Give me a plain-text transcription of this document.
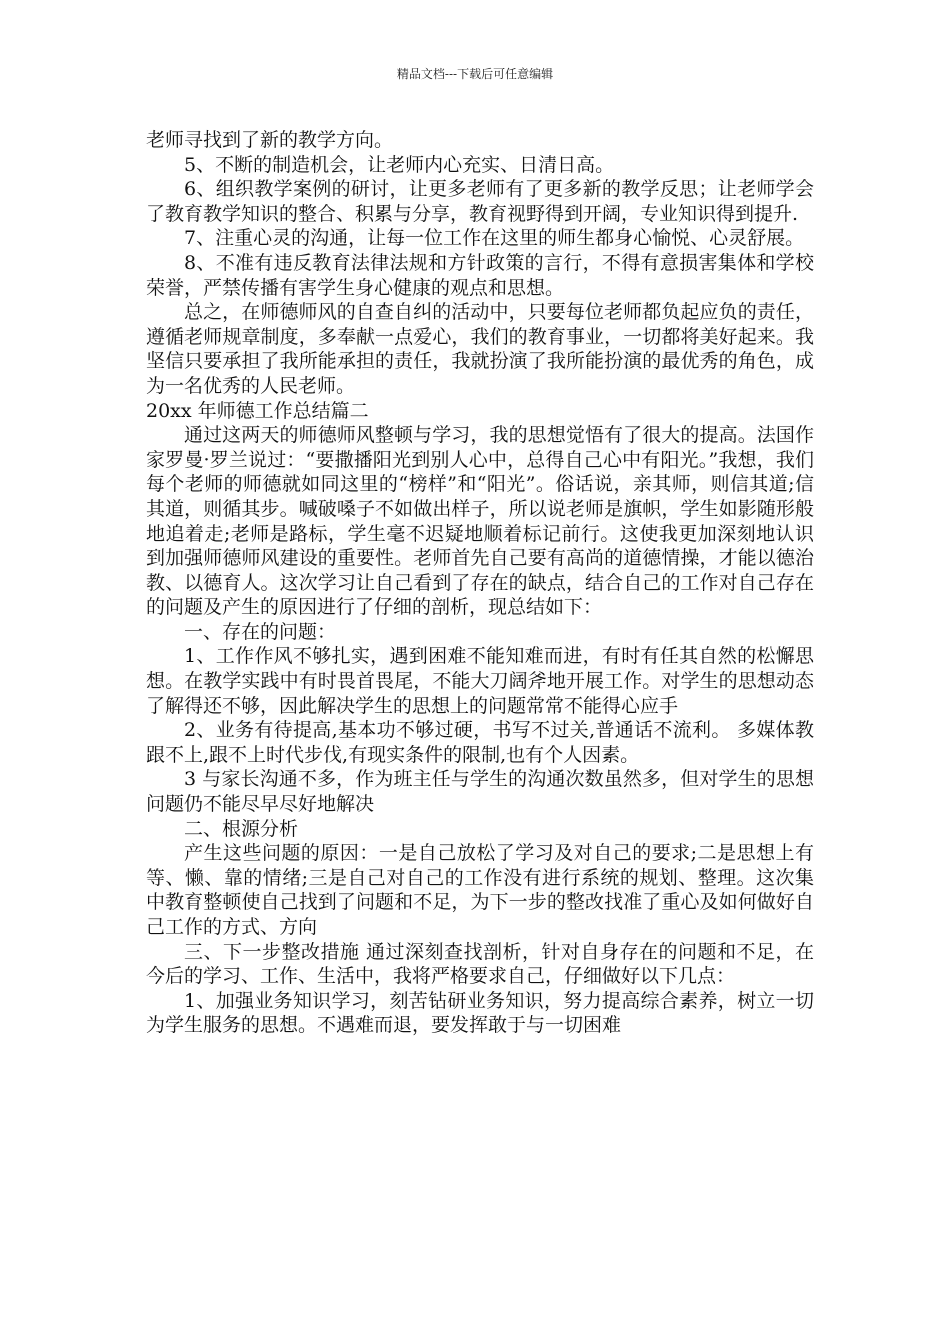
精品文档---下载后可任意编辑

老师寻找到了新的教学方向。

5、不断的制造机会，让老师内心充实、日清日高。

6、组织教学案例的研讨，让更多老师有了更多新的教学反思；让老师学会了教育教学知识的整合、积累与分享，教育视野得到开阔，专业知识得到提升.

7、注重心灵的沟通，让每一位工作在这里的师生都身心愉悦、心灵舒展。

8、不准有违反教育法律法规和方针政策的言行，不得有意损害集体和学校荣誉，严禁传播有害学生身心健康的观点和思想。

总之，在师德师风的自查自纠的活动中，只要每位老师都负起应负的责任，遵循老师规章制度，多奉献一点爱心，我们的教育事业，一切都将美好起来。我坚信只要承担了我所能承担的责任，我就扮演了我所能扮演的最优秀的角色，成为一名优秀的人民老师。

20xx 年师德工作总结篇二

通过这两天的师德师风整顿与学习，我的思想觉悟有了很大的提高。法国作家罗曼·罗兰说过：“要撒播阳光到别人心中，总得自己心中有阳光。”我想，我们每个老师的师德就如同这里的“榜样”和“阳光”。俗话说，亲其师，则信其道;信其道，则循其步。喊破嗓子不如做出样子，所以说老师是旗帜，学生如影随形般地追着走;老师是路标，学生毫不迟疑地顺着标记前行。这使我更加深刻地认识到加强师德师风建设的重要性。老师首先自己要有高尚的道德情操，才能以德治教、以德育人。这次学习让自己看到了存在的缺点，结合自己的工作对自己存在的问题及产生的原因进行了仔细的剖析，现总结如下：

一、存在的问题：

1、工作作风不够扎实，遇到困难不能知难而进，有时有任其自然的松懈思想。在教学实践中有时畏首畏尾，不能大刀阔斧地开展工作。对学生的思想动态了解得还不够，因此解决学生的思想上的问题常常不能得心应手

2、业务有待提高,基本功不够过硬，书写不过关,普通话不流利。 多媒体教跟不上,跟不上时代步伐,有现实条件的限制,也有个人因素。

3 与家长沟通不多，作为班主任与学生的沟通次数虽然多，但对学生的思想问题仍不能尽早尽好地解决

二、根源分析

产生这些问题的原因：一是自己放松了学习及对自己的要求;二是思想上有等、懒、靠的情绪;三是自己对自己的工作没有进行系统的规划、整理。这次集中教育整顿使自己找到了问题和不足，为下一步的整改找准了重心及如何做好自己工作的方式、方向

三、下一步整改措施 通过深刻查找剖析，针对自身存在的问题和不足，在今后的学习、工作、生活中，我将严格要求自己，仔细做好以下几点：

1、加强业务知识学习，刻苦钻研业务知识，努力提高综合素养，树立一切为学生服务的思想。不遇难而退，要发挥敢于与一切困难
